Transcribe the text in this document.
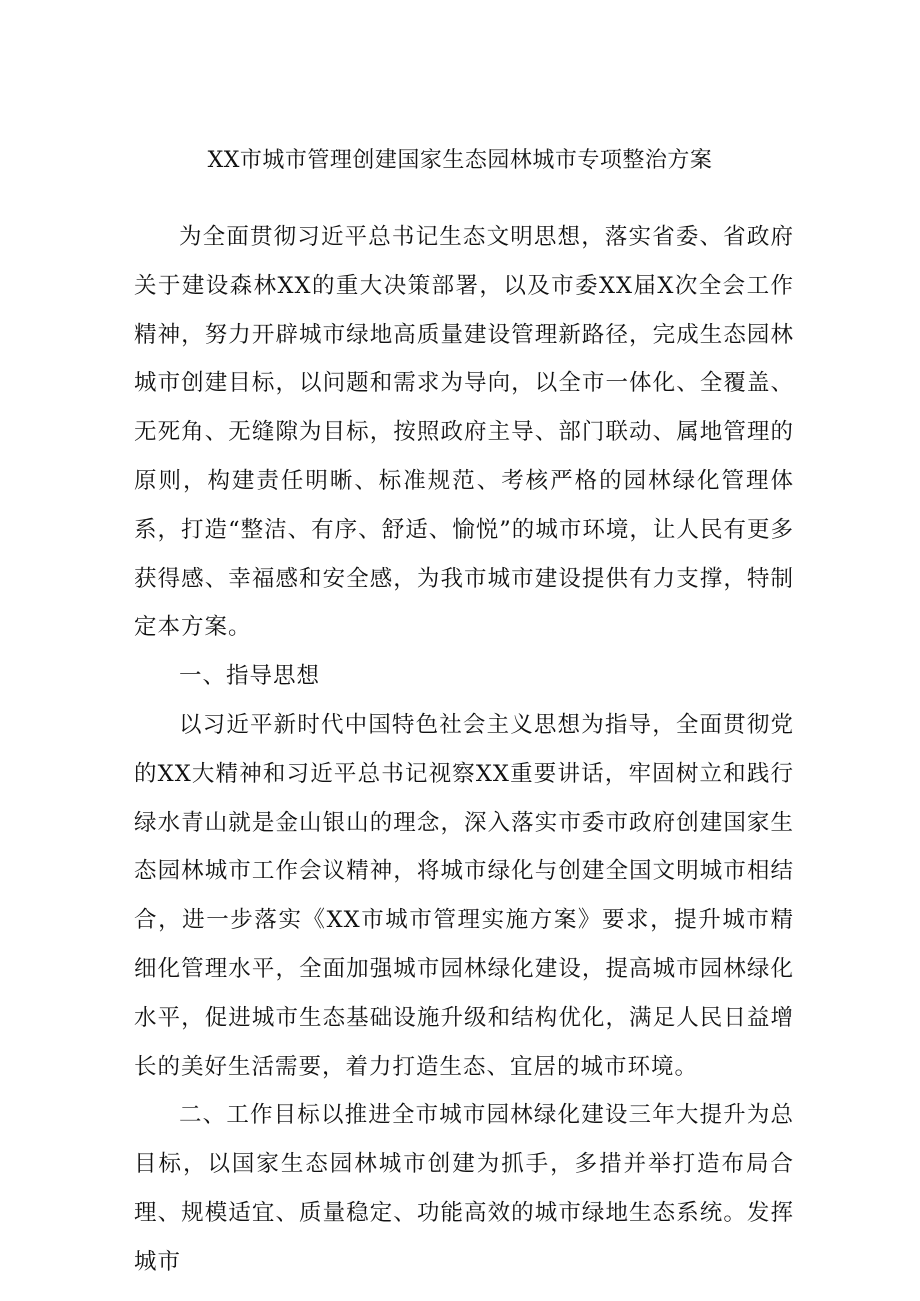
XX市城市管理创建国家生态园林城市专项整治方案

为全面贯彻习近平总书记生态文明思想，落实省委、省政府关于建设森林XX的重大决策部署，以及市委XX届X次全会工作精神，努力开辟城市绿地高质量建设管理新路径，完成生态园林城市创建目标，以问题和需求为导向，以全市一体化、全覆盖、无死角、无缝隙为目标，按照政府主导、部门联动、属地管理的原则，构建责任明晰、标准规范、考核严格的园林绿化管理体系，打造“整洁、有序、舒适、愉悦”的城市环境，让人民有更多获得感、幸福感和安全感，为我市城市建设提供有力支撑，特制定本方案。

一、指导思想

以习近平新时代中国特色社会主义思想为指导，全面贯彻党的XX大精神和习近平总书记视察XX重要讲话，牢固树立和践行绿水青山就是金山银山的理念，深入落实市委市政府创建国家生态园林城市工作会议精神，将城市绿化与创建全国文明城市相结合，进一步落实《XX市城市管理实施方案》要求，提升城市精细化管理水平，全面加强城市园林绿化建设，提高城市园林绿化水平，促进城市生态基础设施升级和结构优化，满足人民日益增长的美好生活需要，着力打造生态、宜居的城市环境。

二、工作目标以推进全市城市园林绿化建设三年大提升为总目标，以国家生态园林城市创建为抓手，多措并举打造布局合理、规模适宜、质量稳定、功能高效的城市绿地生态系统。发挥城市
